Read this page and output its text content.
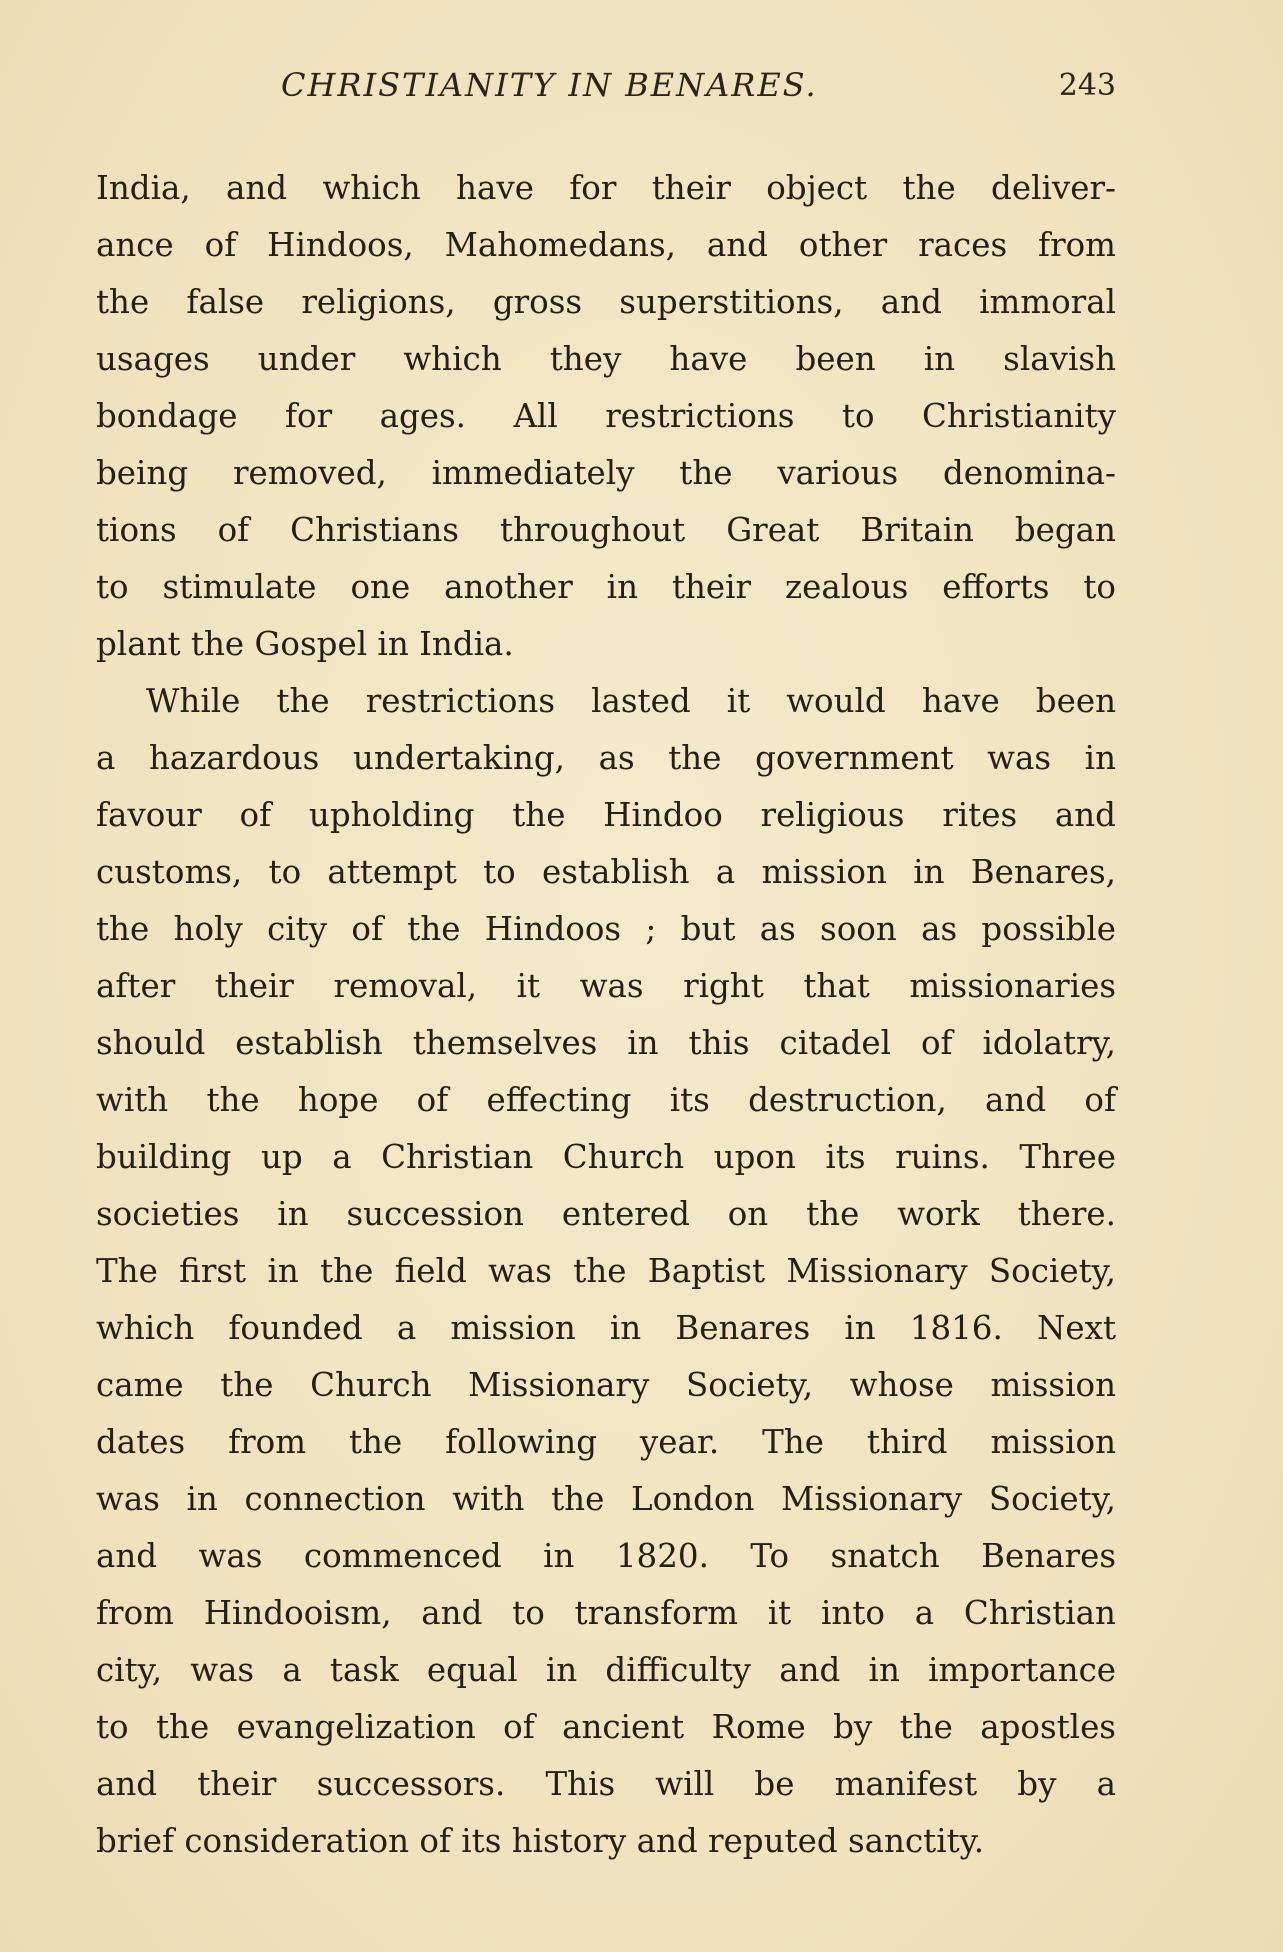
CHRISTIANITY IN BENARES.	243
India, and which have for their object the deliver-
ance of Hindoos, Mahomedans, and other races from
the false religions, gross superstitions, and immoral
usages under which they have been in slavish
bondage for ages. All restrictions to Christianity
being removed, immediately the various denomina-
tions of Christians throughout Great Britain began
to stimulate one another in their zealous efforts to
plant the Gospel in India.
While the restrictions lasted it would have been
a hazardous undertaking, as the government was in
favour of upholding the Hindoo religious rites and
customs, to attempt to establish a mission in Benares,
the holy city of the Hindoos ; but as soon as possible
after their removal, it was right that missionaries
should establish themselves in this citadel of idolatry,
with the hope of effecting its destruction, and of
building up a Christian Church upon its ruins. Three
societies in succession entered on the work there.
The first in the field was the Baptist Missionary Society,
which founded a mission in Benares in 1816. Next
came the Church Missionary Society, whose mission
dates from the following year. The third mission
was in connection with the London Missionary Society,
and was commenced in 1820. To snatch Benares
from Hindooism, and to transform it into a Christian
city, was a task equal in difficulty and in importance
to the evangelization of ancient Rome by the apostles
and their successors. This will be manifest by a
brief consideration of its history and reputed sanctity.
